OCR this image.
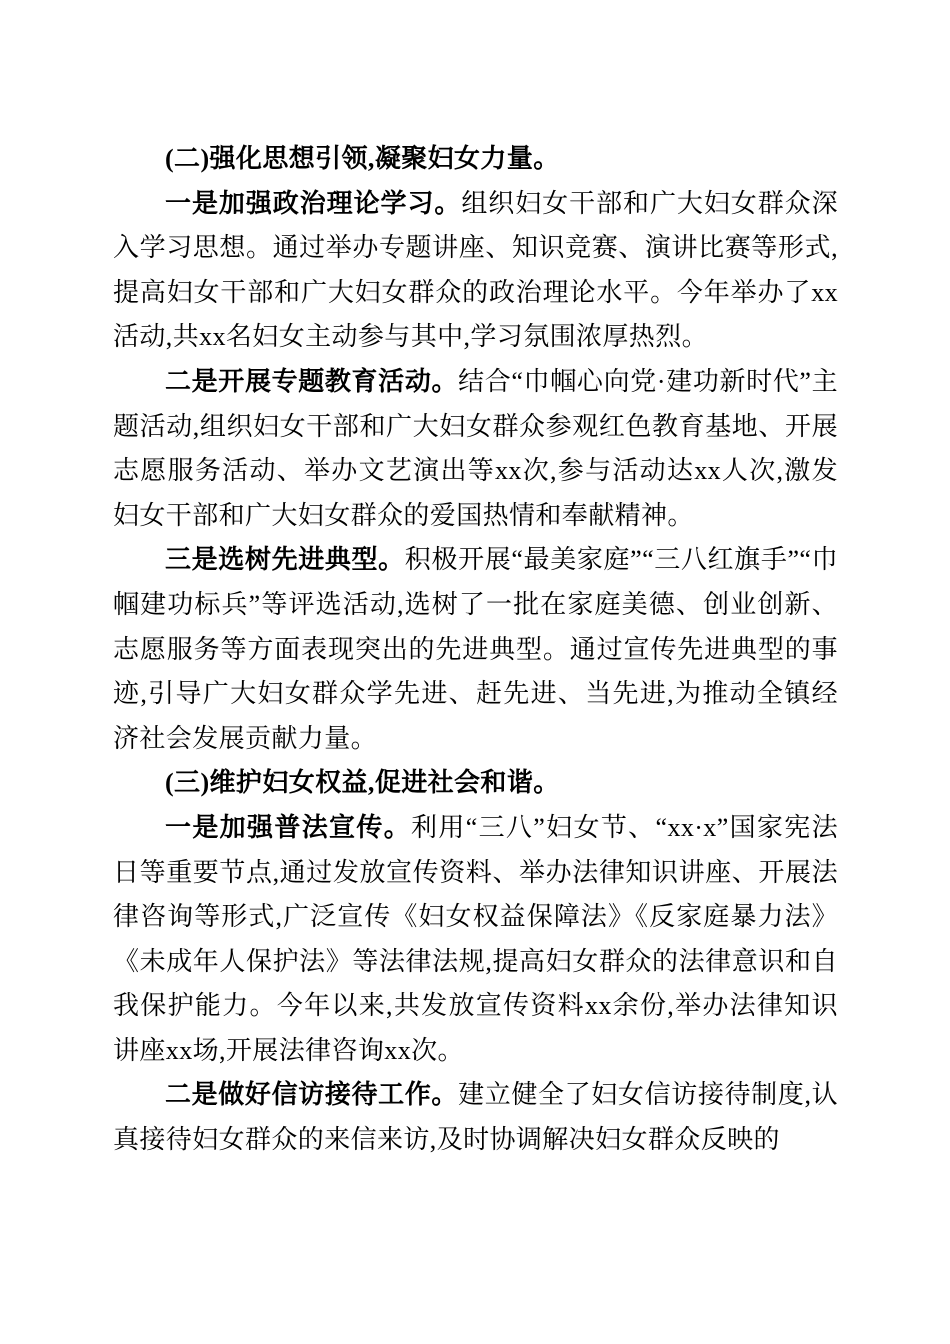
(二)强化思想引领,凝聚妇女力量。

一是加强政治理论学习。组织妇女干部和广大妇女群众深入学习思想。通过举办专题讲座、知识竞赛、演讲比赛等形式,提高妇女干部和广大妇女群众的政治理论水平。今年举办了xx活动,共xx名妇女主动参与其中,学习氛围浓厚热烈。

二是开展专题教育活动。结合“巾帼心向党·建功新时代”主题活动,组织妇女干部和广大妇女群众参观红色教育基地、开展志愿服务活动、举办文艺演出等xx次,参与活动达xx人次,激发妇女干部和广大妇女群众的爱国热情和奉献精神。

三是选树先进典型。积极开展“最美家庭”“三八红旗手”“巾帼建功标兵”等评选活动,选树了一批在家庭美德、创业创新、志愿服务等方面表现突出的先进典型。通过宣传先进典型的事迹,引导广大妇女群众学先进、赶先进、当先进,为推动全镇经济社会发展贡献力量。

(三)维护妇女权益,促进社会和谐。

一是加强普法宣传。利用“三八”妇女节、“xx·x”国家宪法日等重要节点,通过发放宣传资料、举办法律知识讲座、开展法律咨询等形式,广泛宣传《妇女权益保障法》《反家庭暴力法》《未成年人保护法》等法律法规,提高妇女群众的法律意识和自我保护能力。今年以来,共发放宣传资料xx余份,举办法律知识讲座xx场,开展法律咨询xx次。

二是做好信访接待工作。建立健全了妇女信访接待制度,认真接待妇女群众的来信来访,及时协调解决妇女群众反映的
